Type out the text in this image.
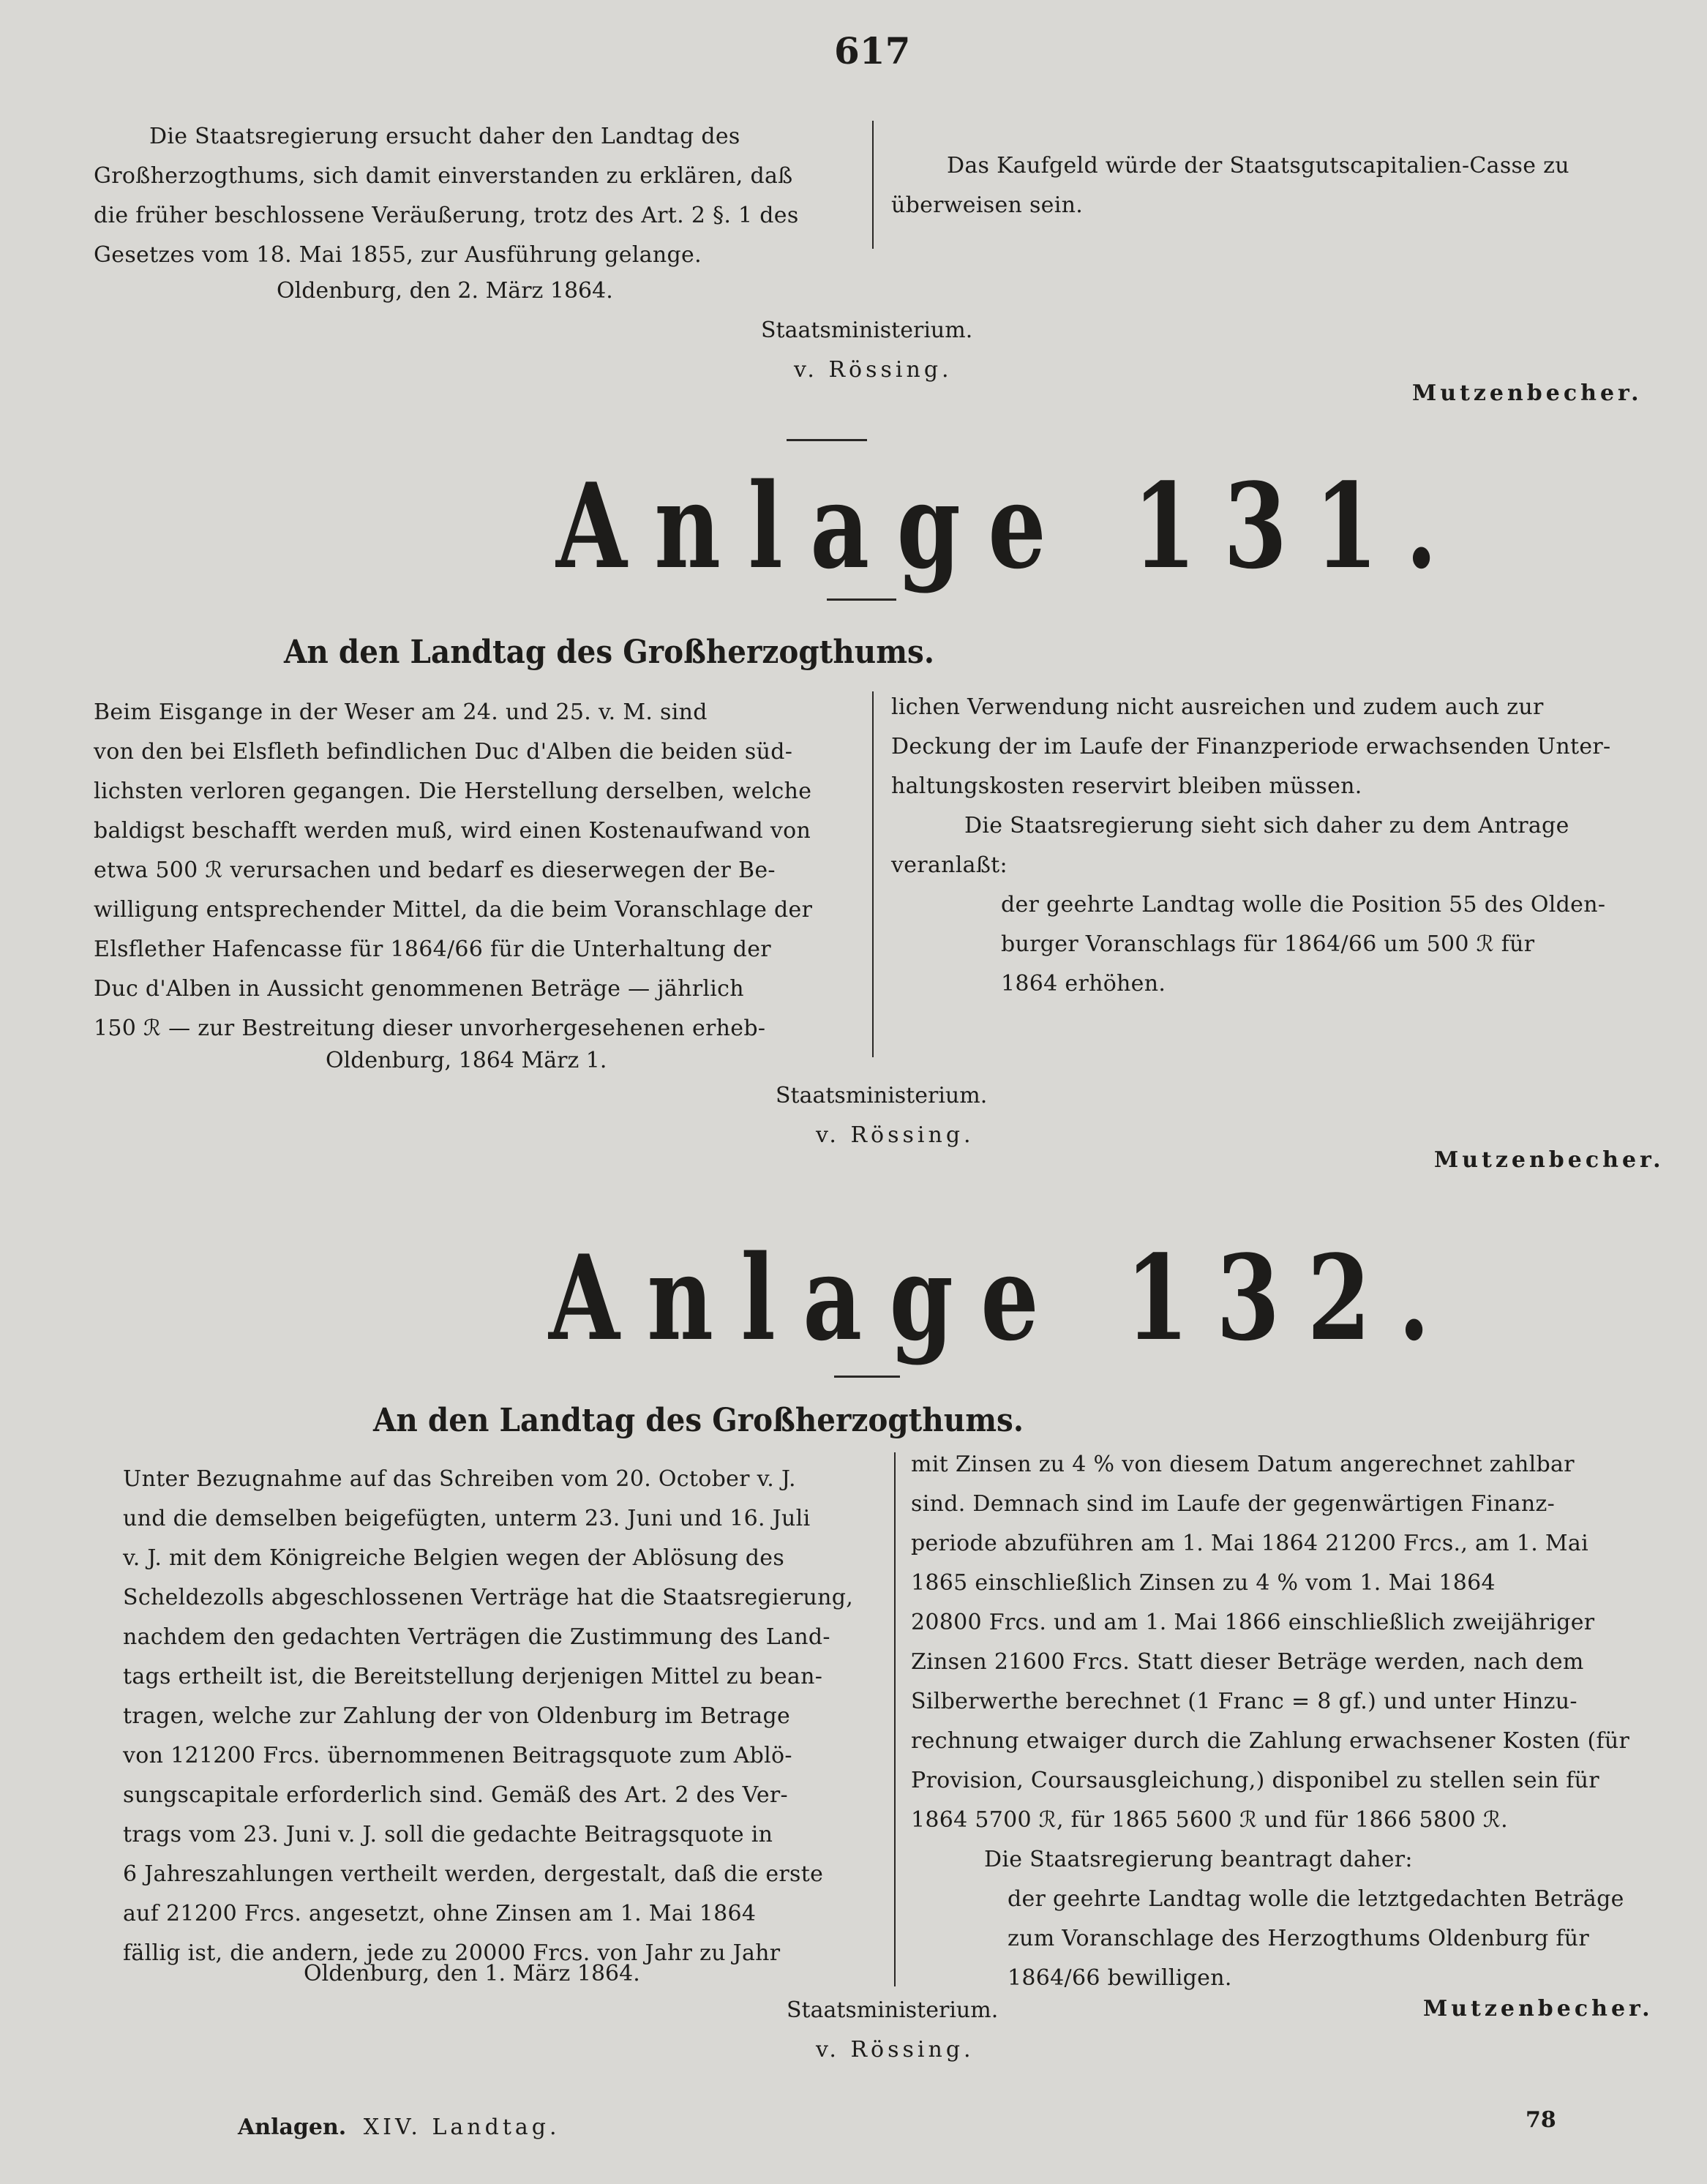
617

Die Staatsregierung ersucht daher den Landtag des

Großherzogthums, sich damit einverstanden zu erklären, daß

die früher beschlossene Veräußerung, trotz des Art. 2 §. 1 des

Gesetzes vom 18. Mai 1855, zur Ausführung gelange.

Das Kaufgeld würde der Staatsgutscapitalien-Casse zu

überweisen sein.

Oldenburg, den 2. März 1864.
Staatsministerium.
v. Rössing.
Mutzenbecher.
Anlage 131.
An den Landtag des Großherzogthums.

Beim Eisgange in der Weser am 24. und 25. v. M. sind

von den bei Elsfleth befindlichen Duc d'Alben die beiden süd-

lichsten verloren gegangen. Die Herstellung derselben, welche

baldigst beschafft werden muß, wird einen Kostenaufwand von

etwa 500 ℛ verursachen und bedarf es dieserwegen der Be-

willigung entsprechender Mittel, da die beim Voranschlage der

Elsflether Hafencasse für 1864/66 für die Unterhaltung der

Duc d'Alben in Aussicht genommenen Beträge — jährlich

150 ℛ — zur Bestreitung dieser unvorhergesehenen erheb-

lichen Verwendung nicht ausreichen und zudem auch zur

Deckung der im Laufe der Finanzperiode erwachsenden Unter-

haltungskosten reservirt bleiben müssen.

Die Staatsregierung sieht sich daher zu dem Antrage

veranlaßt:

der geehrte Landtag wolle die Position 55 des Olden-

burger Voranschlags für 1864/66 um 500 ℛ für

1864 erhöhen.

Oldenburg, 1864 März 1.
Staatsministerium.
v. Rössing.
Mutzenbecher.
Anlage 132.
An den Landtag des Großherzogthums.

Unter Bezugnahme auf das Schreiben vom 20. October v. J.

und die demselben beigefügten, unterm 23. Juni und 16. Juli

v. J. mit dem Königreiche Belgien wegen der Ablösung des

Scheldezolls abgeschlossenen Verträge hat die Staatsregierung,

nachdem den gedachten Verträgen die Zustimmung des Land-

tags ertheilt ist, die Bereitstellung derjenigen Mittel zu bean-

tragen, welche zur Zahlung der von Oldenburg im Betrage

von 121200 Frcs. übernommenen Beitragsquote zum Ablö-

sungscapitale erforderlich sind. Gemäß des Art. 2 des Ver-

trags vom 23. Juni v. J. soll die gedachte Beitragsquote in

6 Jahreszahlungen vertheilt werden, dergestalt, daß die erste

auf 21200 Frcs. angesetzt, ohne Zinsen am 1. Mai 1864

fällig ist, die andern, jede zu 20000 Frcs. von Jahr zu Jahr

mit Zinsen zu 4 % von diesem Datum angerechnet zahlbar

sind. Demnach sind im Laufe der gegenwärtigen Finanz-

periode abzuführen am 1. Mai 1864 21200 Frcs., am 1. Mai

1865 einschließlich Zinsen zu 4 % vom 1. Mai 1864

20800 Frcs. und am 1. Mai 1866 einschließlich zweijähriger

Zinsen 21600 Frcs. Statt dieser Beträge werden, nach dem

Silberwerthe berechnet (1 Franc = 8 gf.) und unter Hinzu-

rechnung etwaiger durch die Zahlung erwachsener Kosten (für

Provision, Coursausgleichung,) disponibel zu stellen sein für

1864 5700 ℛ, für 1865 5600 ℛ und für 1866 5800 ℛ.

Die Staatsregierung beantragt daher:

der geehrte Landtag wolle die letztgedachten Beträge

zum Voranschlage des Herzogthums Oldenburg für

1864/66 bewilligen.

Oldenburg, den 1. März 1864.
Staatsministerium.
v. Rössing.
Mutzenbecher.
Anlagen. XIV. Landtag.	78
